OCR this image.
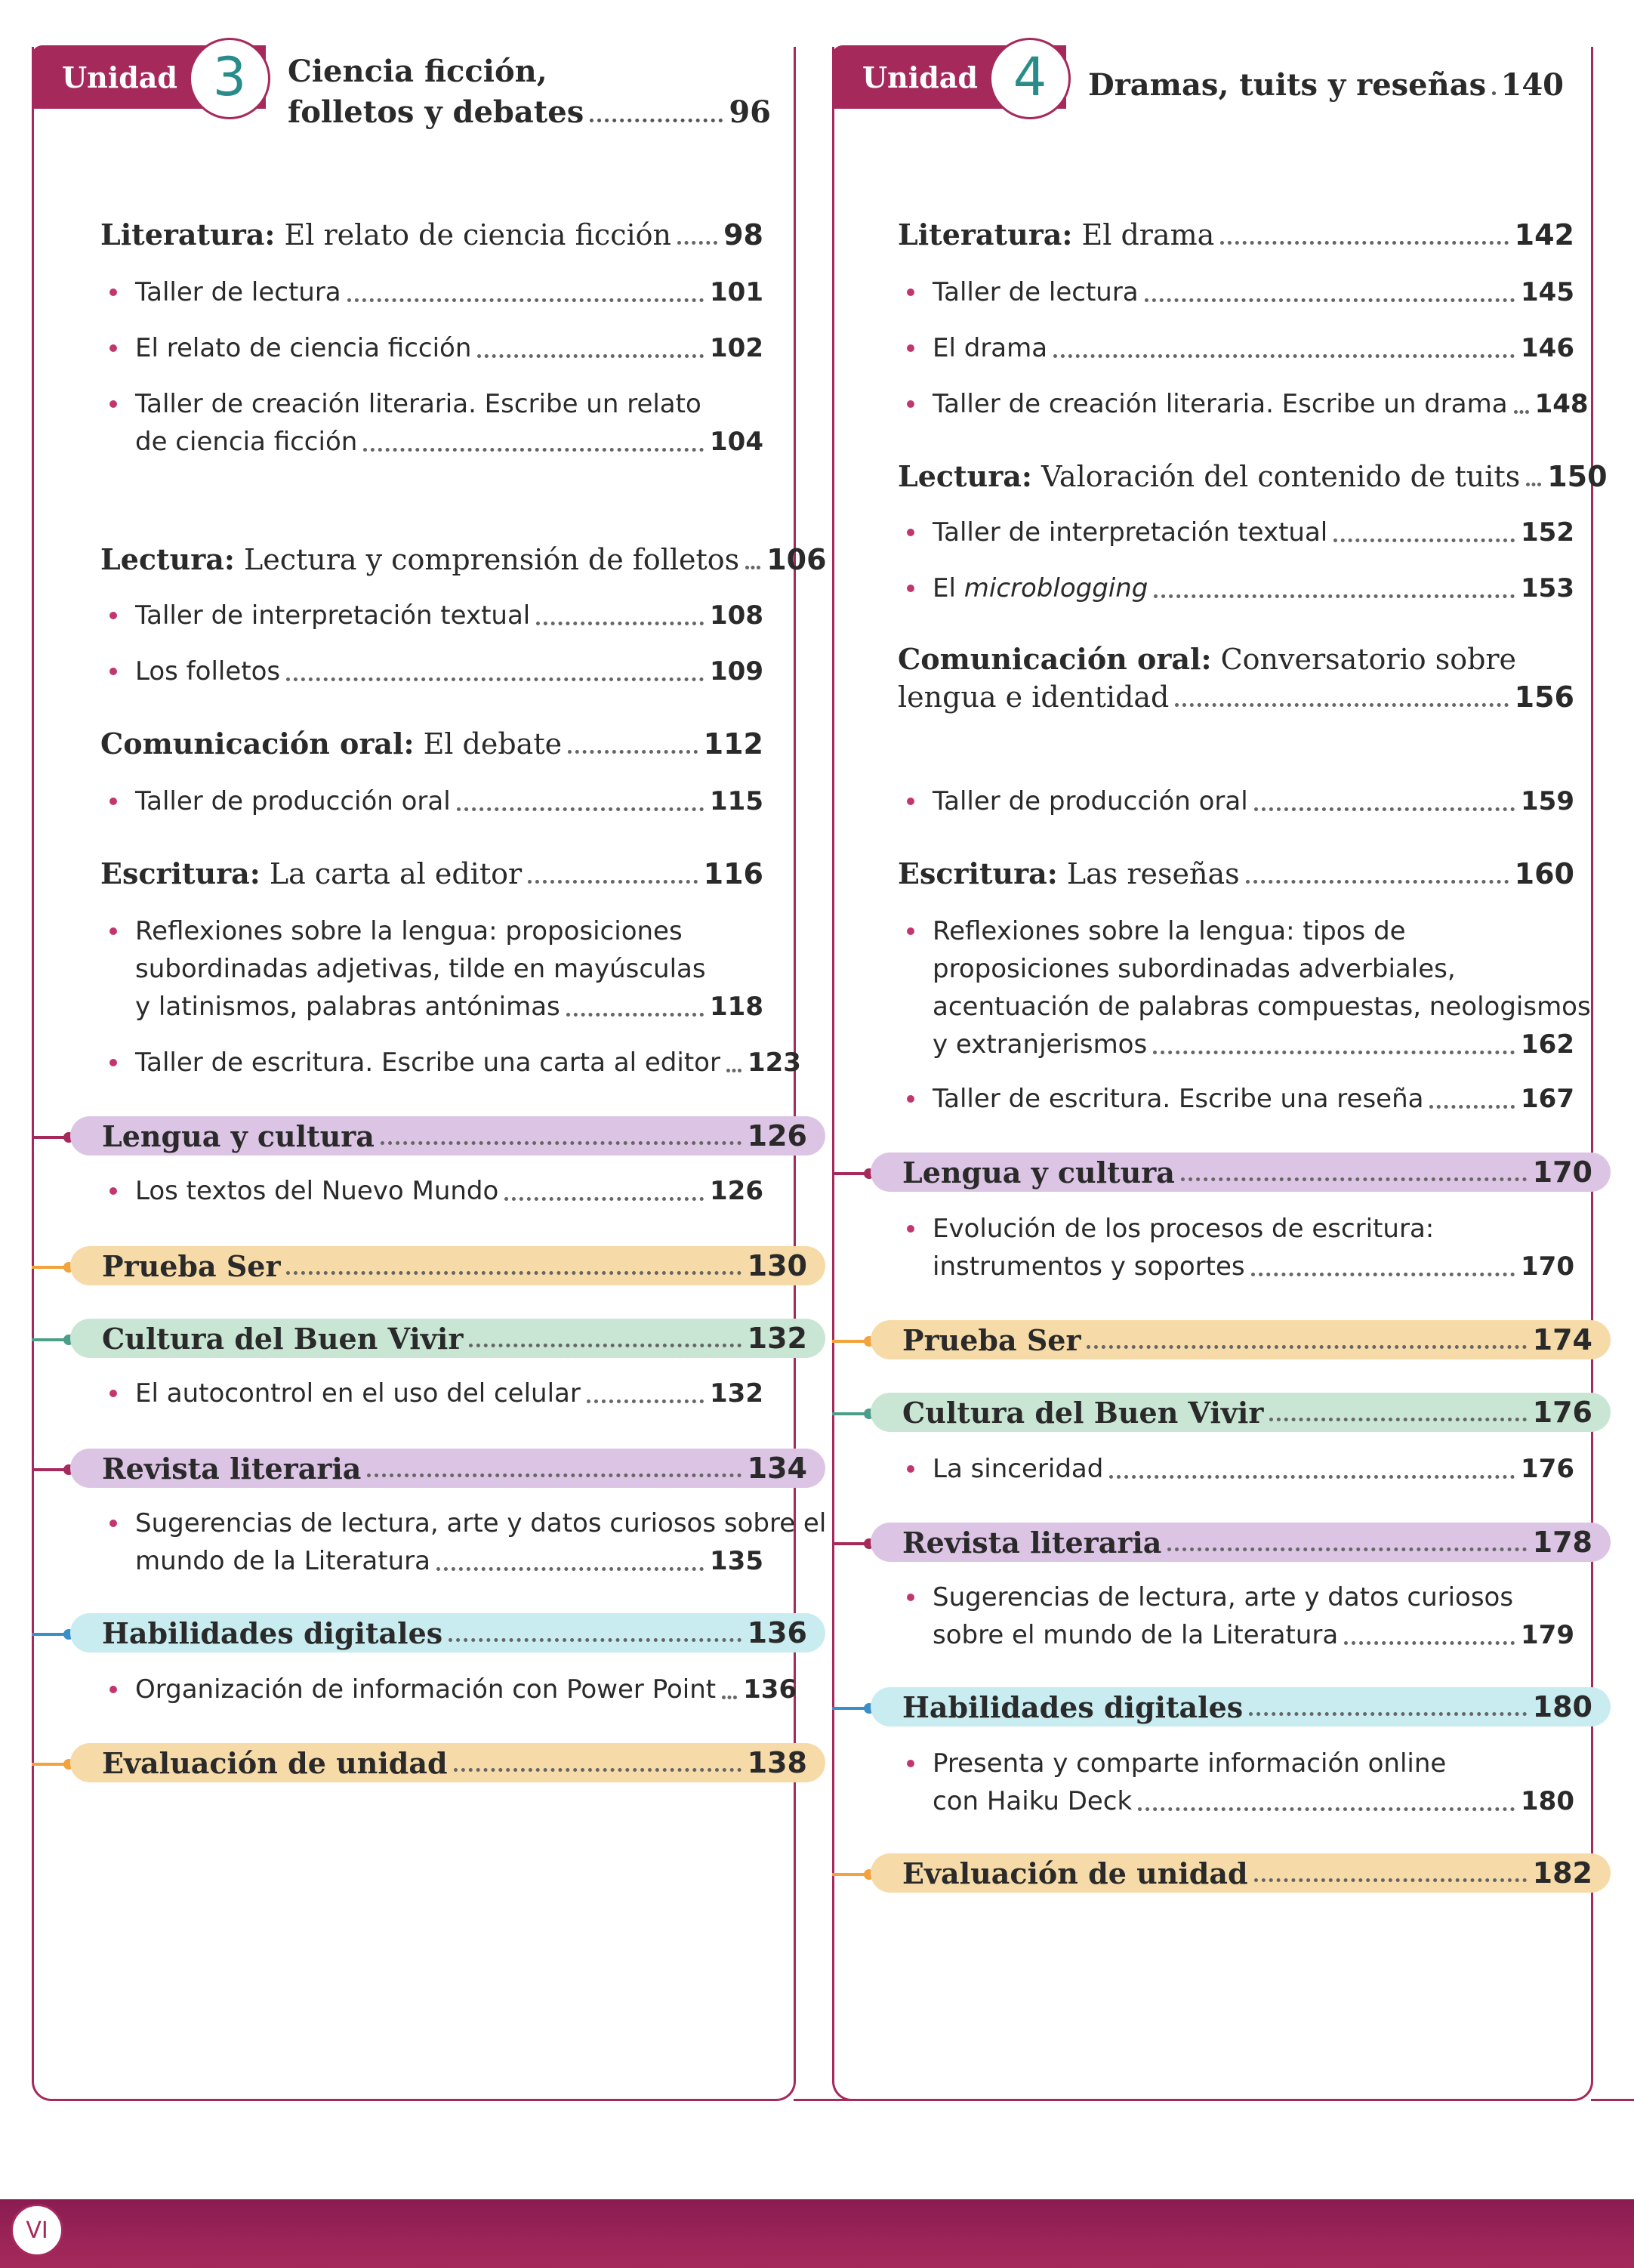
Unidad 3 Ciencia ficción,
folletos y debates	96
Literatura: El relato de ciencia ficción 98
Taller de lectura	101
El relato de ciencia ficción	102
Taller de creación literaria. Escribe un relato
de ciencia ficción	104
Lectura: Lectura y comprensión de folletos 106
Taller de interpretación textual	108
Los folletos	109
Comunicación oral: El debate	112
Taller de producción oral	115
Escritura: La carta al editor	116
Reflexiones sobre la lengua: proposiciones
subordinadas adjetivas, tilde en mayúsculas
y latinismos, palabras antónimas	118
Taller de escritura. Escribe una carta al editor 123
Lengua y cultura	126
Los textos del Nuevo Mundo	126
Prueba Ser	130
Cultura del Buen Vivir	132
El autocontrol en el uso del celular	132
Revista literaria	134
Sugerencias de lectura, arte y datos curiosos sobre el
mundo de la Literatura	135
Habilidades digitales	136
Organización de información con Power Point 136
Evaluación de unidad	138
Unidad 4 Dramas, tuits y reseñas 140
Literatura: El drama	142
Taller de lectura	145
El drama	146
Taller de creación literaria. Escribe un drama 148
Lectura: Valoración del contenido de tuits 150
Taller de interpretación textual	152
El microblogging	153
Comunicación oral: Conversatorio sobre
lengua e identidad	156
Taller de producción oral	159
Escritura: Las reseñas	160
Reflexiones sobre la lengua: tipos de
proposiciones subordinadas adverbiales,
acentuación de palabras compuestas, neologismos
y extranjerismos	162
Taller de escritura. Escribe una reseña	167
Lengua y cultura	170
Evolución de los procesos de escritura:
instrumentos y soportes	170
Prueba Ser	174
Cultura del Buen Vivir	176
La sinceridad	176
Revista literaria	178
Sugerencias de lectura, arte y datos curiosos
sobre el mundo de la Literatura	179
Habilidades digitales	180
Presenta y comparte información online
con Haiku Deck	180
Evaluación de unidad	182
VI
